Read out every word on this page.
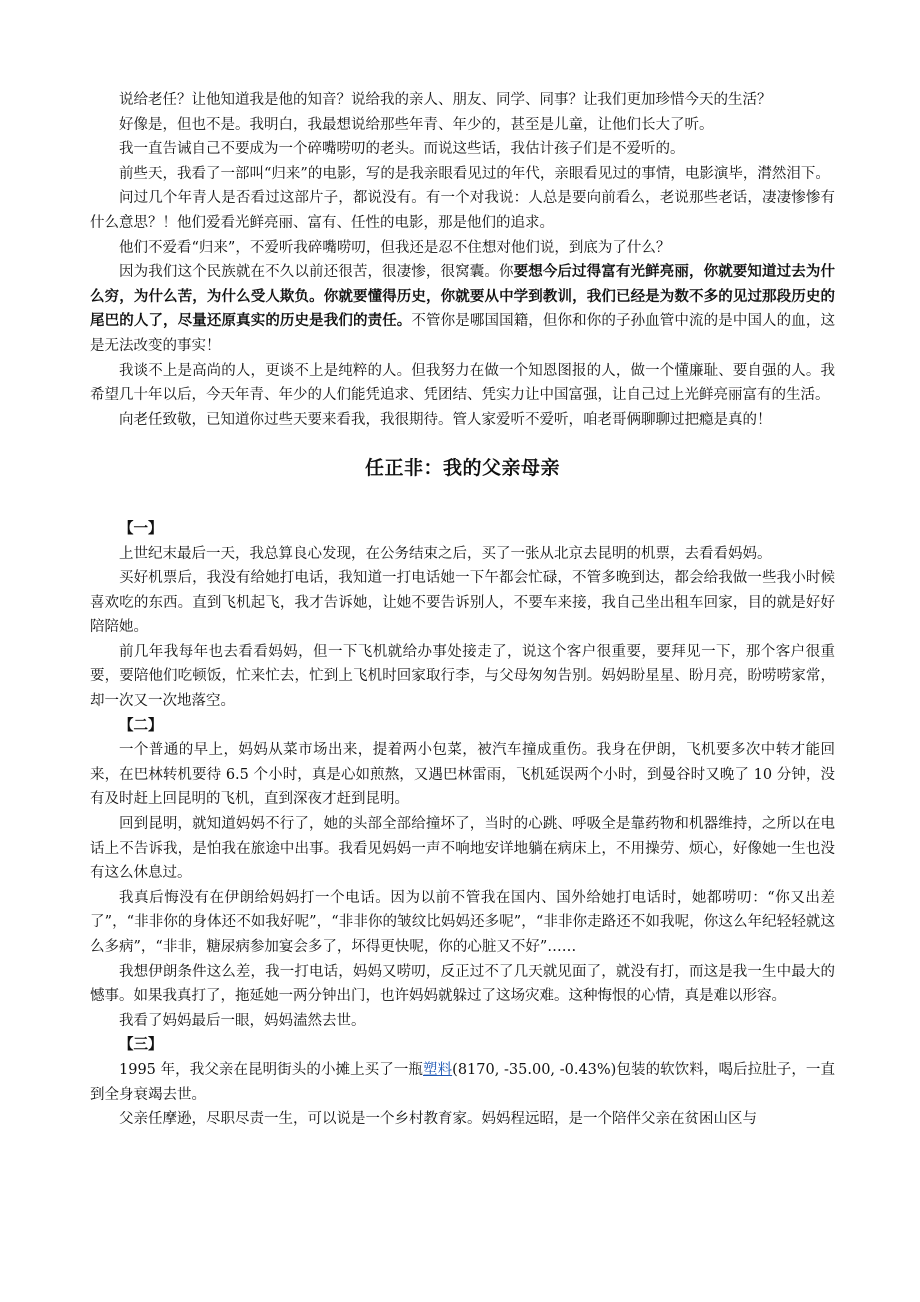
说给老任？让他知道我是他的知音？说给我的亲人、朋友、同学、同事？让我们更加珍惜今天的生活？

好像是，但也不是。我明白，我最想说给那些年青、年少的，甚至是儿童，让他们长大了听。

我一直告诫自己不要成为一个碎嘴唠叨的老头。而说这些话，我估计孩子们是不爱听的。

前些天，我看了一部叫“归来”的电影，写的是我亲眼看见过的年代，亲眼看见过的事情，电影演毕，潸然泪下。

问过几个年青人是否看过这部片子，都说没有。有一个对我说：人总是要向前看么，老说那些老话，凄凄惨惨有什么意思？！他们爱看光鲜亮丽、富有、任性的电影，那是他们的追求。

他们不爱看“归来”，不爱听我碎嘴唠叨，但我还是忍不住想对他们说，到底为了什么？

因为我们这个民族就在不久以前还很苦，很凄惨，很窝囊。你要想今后过得富有光鲜亮丽，你就要知道过去为什么穷，为什么苦，为什么受人欺负。你就要懂得历史，你就要从中学到教训，我们已经是为数不多的见过那段历史的尾巴的人了，尽量还原真实的历史是我们的责任。不管你是哪国国籍，但你和你的子孙血管中流的是中国人的血，这是无法改变的事实！

我谈不上是高尚的人，更谈不上是纯粹的人。但我努力在做一个知恩图报的人，做一个懂廉耻、要自强的人。我希望几十年以后，今天年青、年少的人们能凭追求、凭团结、凭实力让中国富强，让自己过上光鲜亮丽富有的生活。

向老任致敬，已知道你过些天要来看我，我很期待。管人家爱听不爱听，咱老哥俩聊聊过把瘾是真的！

任正非：我的父亲母亲

【一】

上世纪末最后一天，我总算良心发现，在公务结束之后，买了一张从北京去昆明的机票，去看看妈妈。

买好机票后，我没有给她打电话，我知道一打电话她一下午都会忙碌，不管多晚到达，都会给我做一些我小时候喜欢吃的东西。直到飞机起飞，我才告诉她，让她不要告诉别人，不要车来接，我自己坐出租车回家，目的就是好好陪陪她。

前几年我每年也去看看妈妈，但一下飞机就给办事处接走了，说这个客户很重要，要拜见一下，那个客户很重要，要陪他们吃顿饭，忙来忙去，忙到上飞机时回家取行李，与父母匆匆告别。妈妈盼星星、盼月亮，盼唠唠家常，却一次又一次地落空。

【二】

一个普通的早上，妈妈从菜市场出来，提着两小包菜，被汽车撞成重伤。我身在伊朗，飞机要多次中转才能回来，在巴林转机要待 6.5 个小时，真是心如煎熬，又遇巴林雷雨，飞机延误两个小时，到曼谷时又晚了 10 分钟，没有及时赶上回昆明的飞机，直到深夜才赶到昆明。

回到昆明，就知道妈妈不行了，她的头部全部给撞坏了，当时的心跳、呼吸全是靠药物和机器维持，之所以在电话上不告诉我，是怕我在旅途中出事。我看见妈妈一声不响地安详地躺在病床上，不用操劳、烦心，好像她一生也没有这么休息过。

我真后悔没有在伊朗给妈妈打一个电话。因为以前不管我在国内、国外给她打电话时，她都唠叨：“你又出差了”，“非非你的身体还不如我好呢”，“非非你的皱纹比妈妈还多呢”，“非非你走路还不如我呢，你这么年纪轻轻就这么多病”，“非非，糖尿病参加宴会多了，坏得更快呢，你的心脏又不好”……

我想伊朗条件这么差，我一打电话，妈妈又唠叨，反正过不了几天就见面了，就没有打，而这是我一生中最大的憾事。如果我真打了，拖延她一两分钟出门，也许妈妈就躲过了这场灾难。这种悔恨的心情，真是难以形容。

我看了妈妈最后一眼，妈妈溘然去世。

【三】

1995 年，我父亲在昆明街头的小摊上买了一瓶塑料(8170, -35.00, -0.43%)包装的软饮料，喝后拉肚子，一直到全身衰竭去世。

父亲任摩逊，尽职尽责一生，可以说是一个乡村教育家。妈妈程远昭，是一个陪伴父亲在贫困山区与
